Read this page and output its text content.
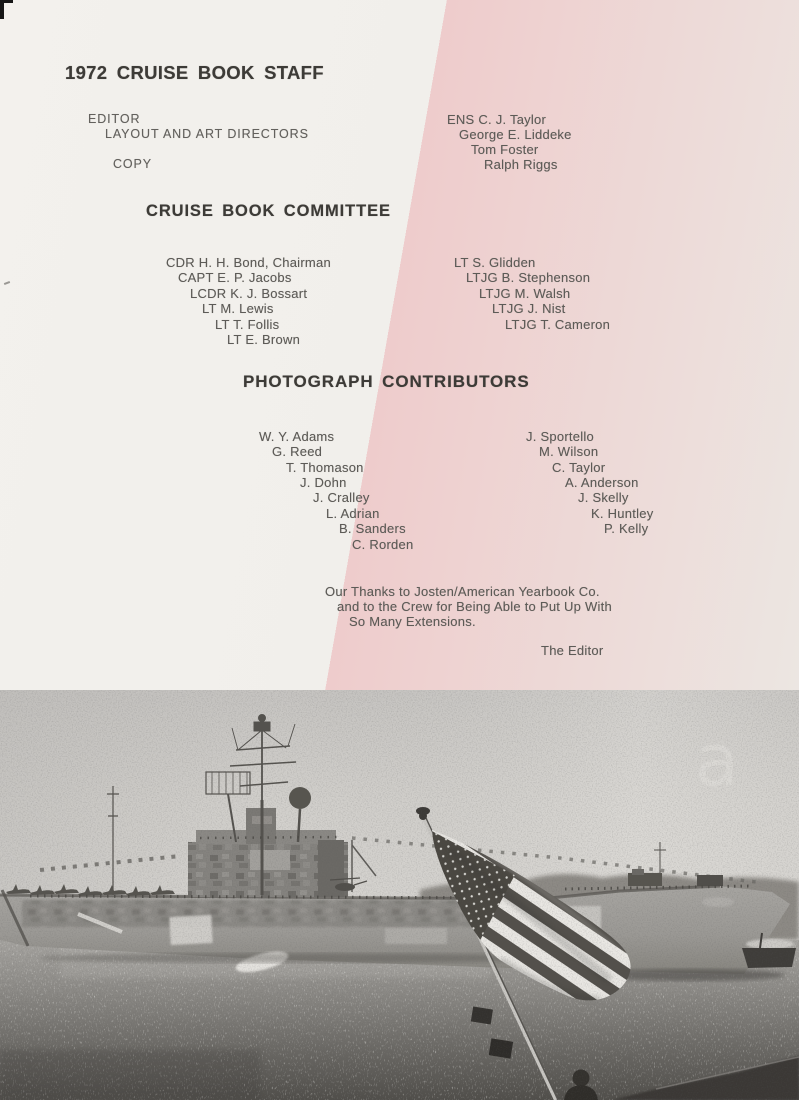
1972 CRUISE BOOK STAFF
EDITOR
LAYOUT AND ART DIRECTORS
COPY
ENS C. J. Taylor
George E. Liddeke
Tom Foster
Ralph Riggs
CRUISE BOOK COMMITTEE
CDR H. H. Bond, Chairman
CAPT E. P. Jacobs
LCDR K. J. Bossart
LT M. Lewis
LT T. Follis
LT E. Brown
LT S. Glidden
LTJG B. Stephenson
LTJG M. Walsh
LTJG J. Nist
LTJG T. Cameron
PHOTOGRAPH CONTRIBUTORS
W. Y. Adams
G. Reed
T. Thomason
J. Dohn
J. Cralley
L. Adrian
B. Sanders
C. Rorden
J. Sportello
M. Wilson
C. Taylor
A. Anderson
J. Skelly
K. Huntley
P. Kelly
Our Thanks to Josten/American Yearbook Co.
and to the Crew for Being Able to Put Up With
So Many Extensions.
The Editor
a
